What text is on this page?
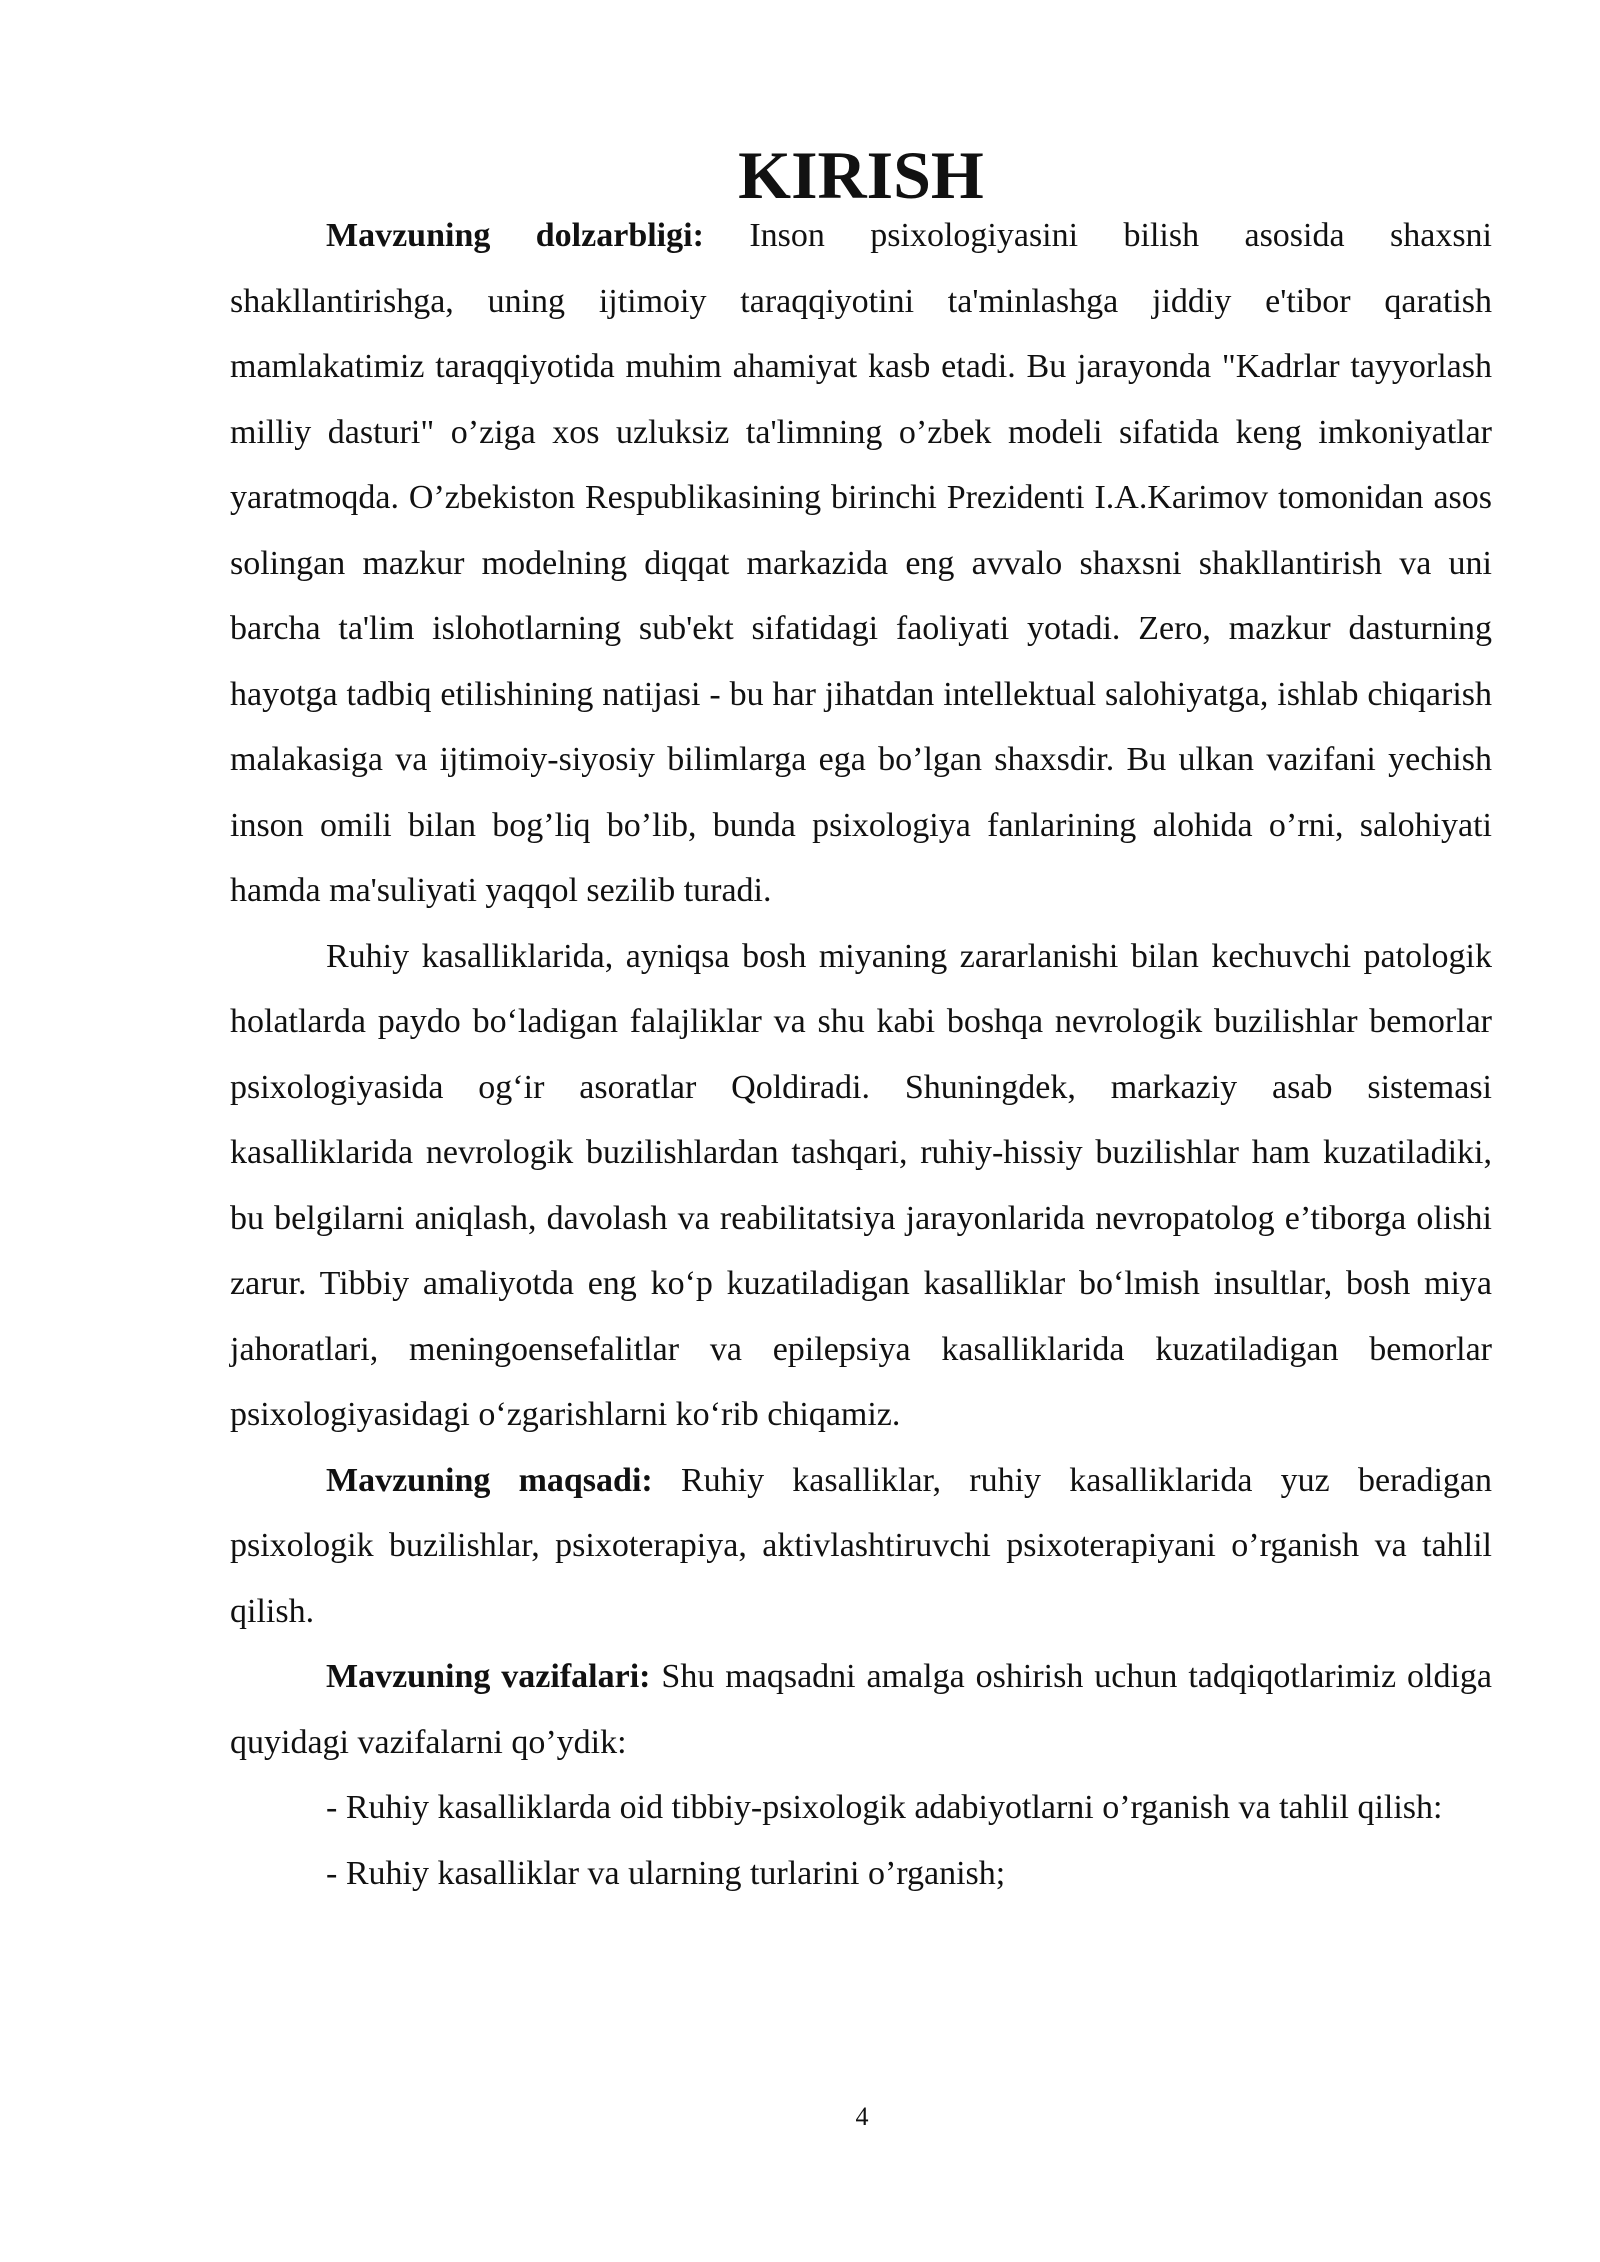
KIRISH

Mavzuning dolzarbligi: Inson psixologiyasini bilish asosida shaxsni shakllantirishga, uning ijtimoiy taraqqiyotini ta'minlashga jiddiy e'tibor qaratish mamlakatimiz taraqqiyotida muhim ahamiyat kasb etadi. Bu jarayonda "Kadrlar tayyorlash milliy dasturi" o’ziga xos uzluksiz ta'limning o’zbek modeli sifatida keng imkoniyatlar yaratmoqda. O’zbekiston Respublikasining birinchi Prezidenti I.A.Karimov tomonidan asos solingan mazkur modelning diqqat markazida eng avvalo shaxsni shakllantirish va uni barcha ta'lim islohotlarning sub'ekt sifatidagi faoliyati yotadi. Zero, mazkur dasturning hayotga tadbiq etilishining natijasi - bu har jihatdan intellektual salohiyatga, ishlab chiqarish malakasiga va ijtimoiy-siyosiy bilimlarga ega bo’lgan shaxsdir. Bu ulkan vazifani yechish inson omili bilan bog’liq bo’lib, bunda psixologiya fanlarining alohida o’rni, salohiyati hamda ma'suliyati yaqqol sezilib turadi.

Ruhiy kasalliklarida, ayniqsa bosh miyaning zararlanishi bilan kechuvchi patologik holatlarda paydo bo‘ladigan falajliklar va shu kabi boshqa nevrologik buzilishlar bemorlar psixologiyasida og‘ir asoratlar Qoldiradi. Shuningdek, markaziy asab sistemasi kasalliklarida nevrologik buzilishlardan tashqari, ruhiy-hissiy buzilishlar ham kuzatiladiki, bu belgilarni aniqlash, davolash va reabilitatsiya jarayonlarida nevropatolog e’tiborga olishi zarur. Tibbiy amaliyotda eng ko‘p kuzatiladigan kasalliklar bo‘lmish insultlar, bosh miya jahoratlari, meningoensefalitlar va epilepsiya kasalliklarida kuzatiladigan bemorlar psixologiyasidagi o‘zgarishlarni ko‘rib chiqamiz.

Mavzuning maqsadi: Ruhiy kasalliklar, ruhiy kasalliklarida yuz beradigan psixologik buzilishlar, psixoterapiya, aktivlashtiruvchi psixoterapiyani o’rganish va tahlil qilish.

Mavzuning vazifalari: Shu maqsadni amalga oshirish uchun tadqiqotlarimiz oldiga quyidagi vazifalarni qo’ydik:

- Ruhiy kasalliklarda oid tibbiy-psixologik adabiyotlarni o’rganish va tahlil qilish:

- Ruhiy kasalliklar va ularning turlarini o’rganish;

4
